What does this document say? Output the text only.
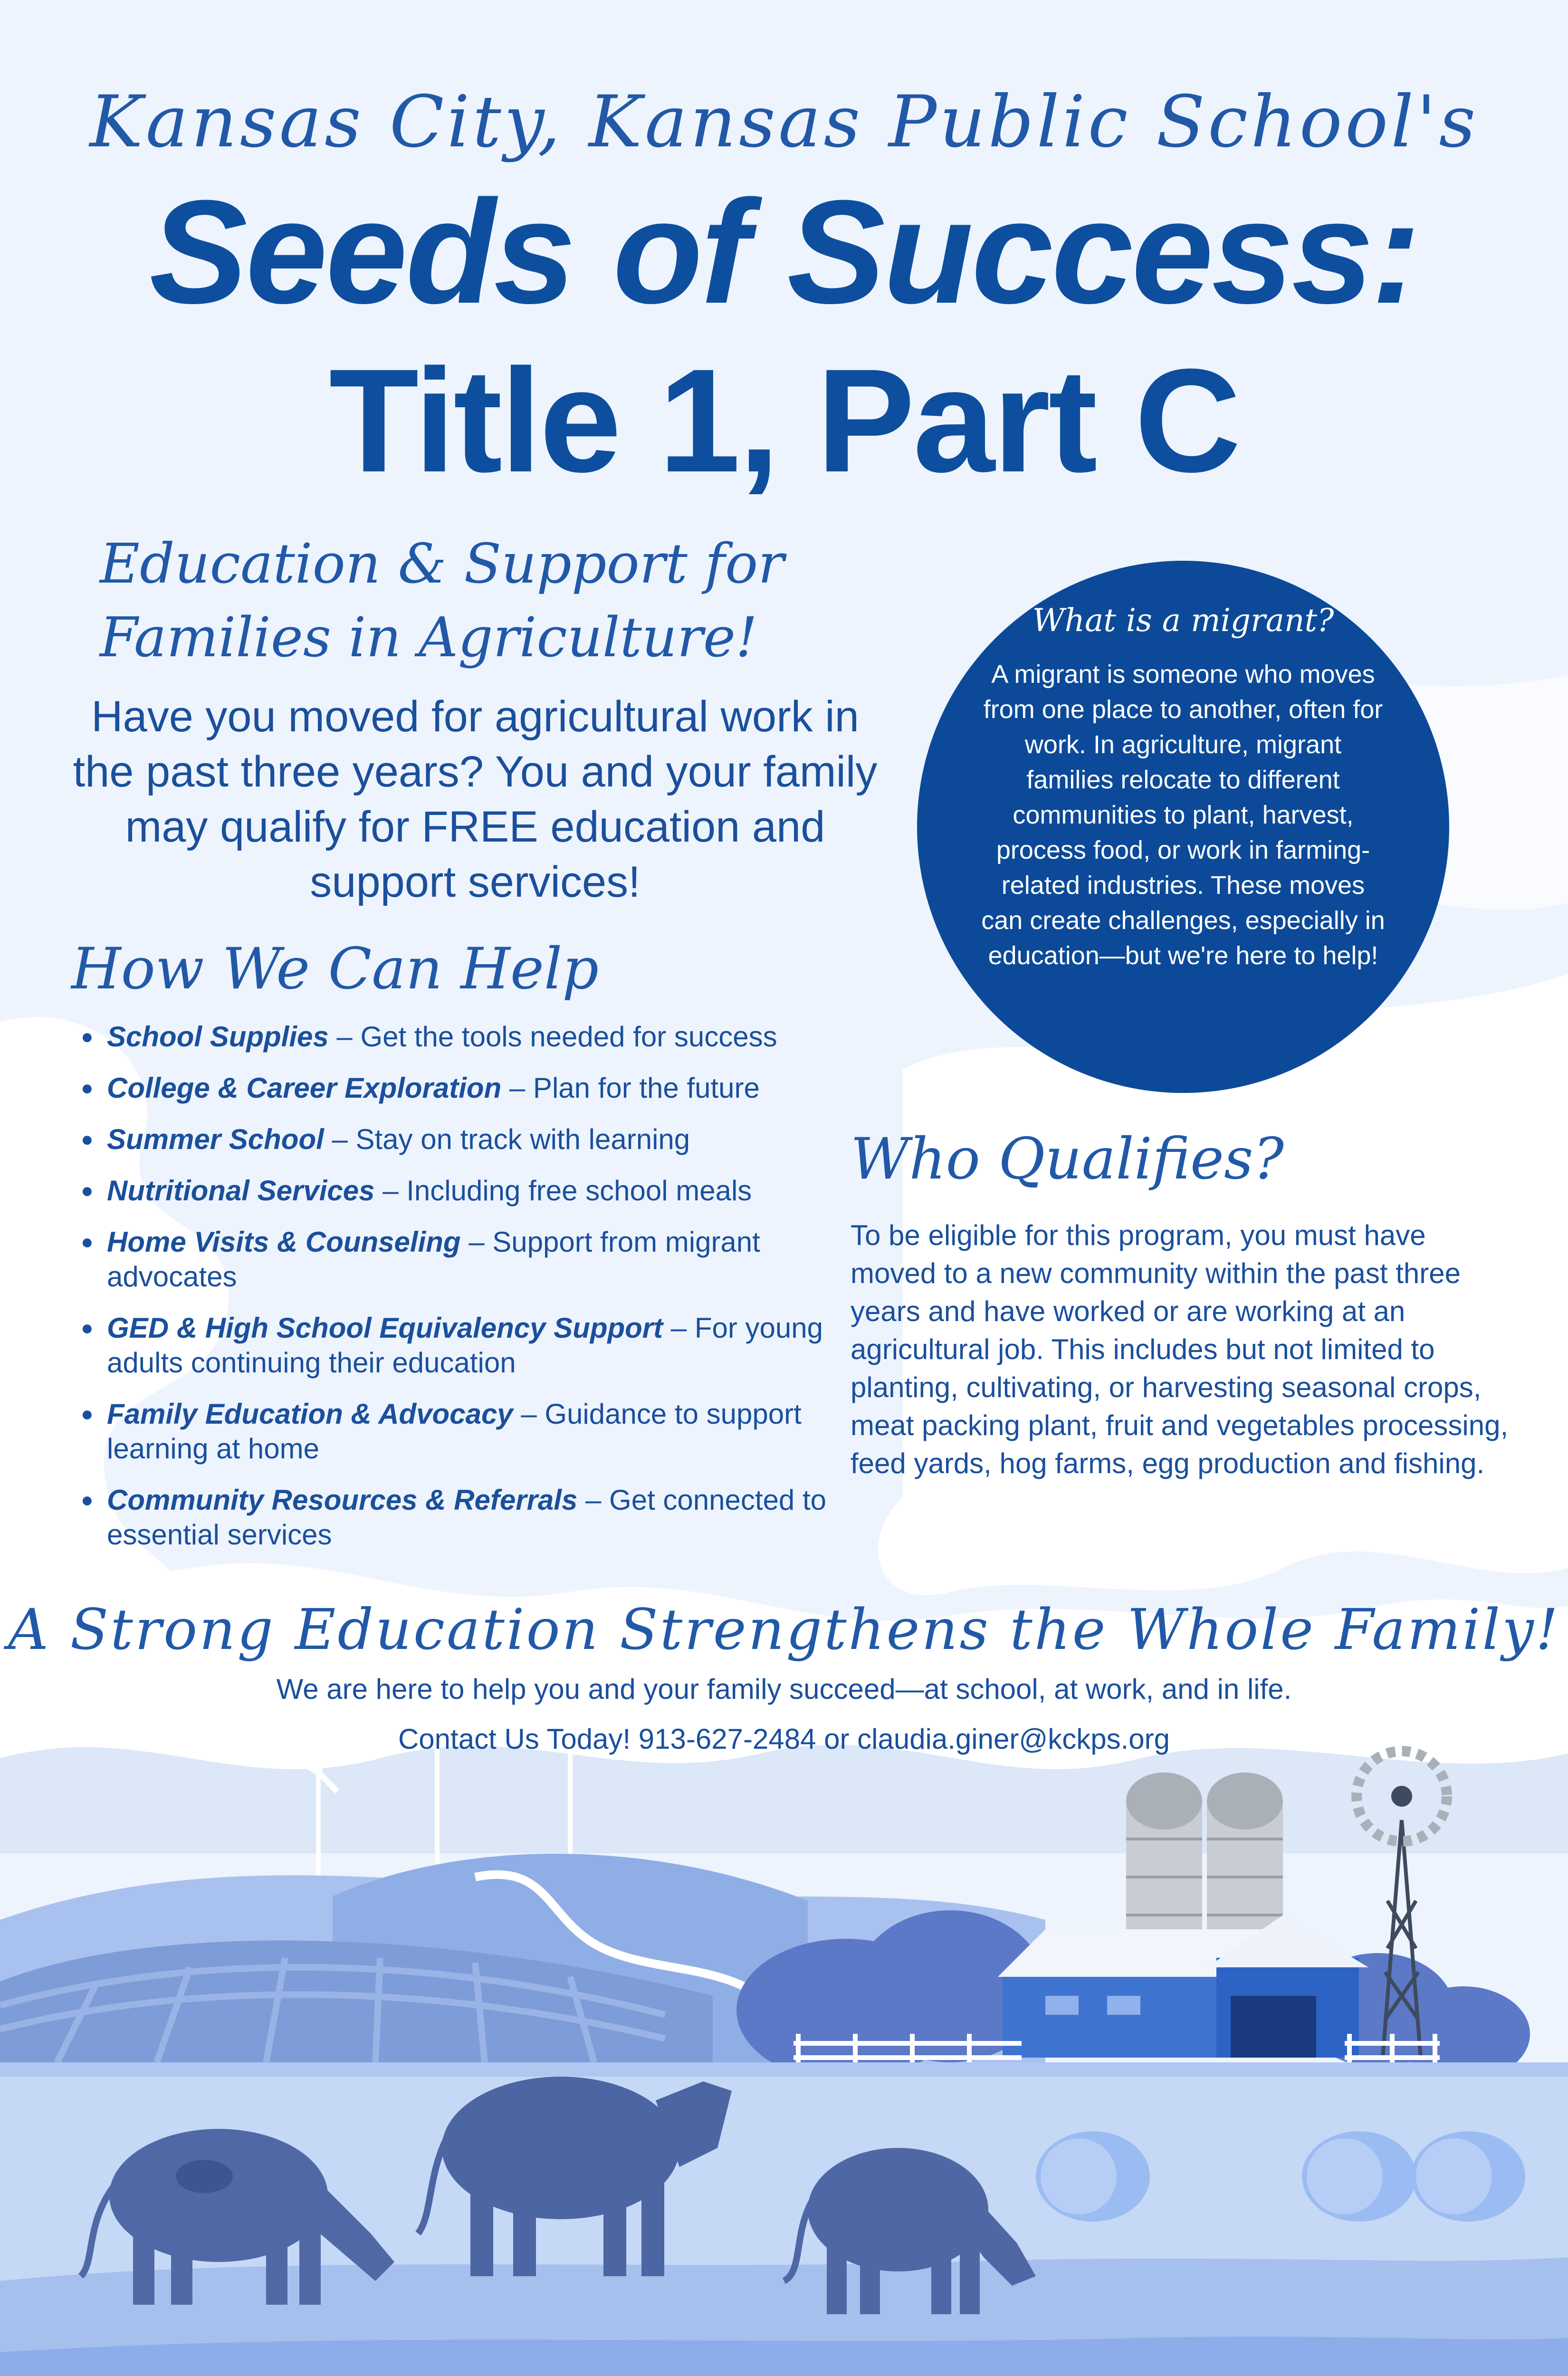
Kansas City, Kansas Public School's
Seeds of Success:
Title 1, Part C
Education & Support for Families in Agriculture!
Have you moved for agricultural work in the past three years? You and your family may qualify for FREE education and support services!
How We Can Help
● School Supplies – Get the tools needed for success
● College & Career Exploration – Plan for the future
● Summer School – Stay on track with learning
● Nutritional Services – Including free school meals
● Home Visits & Counseling – Support from migrant advocates
● GED & High School Equivalency Support – For young adults continuing their education
● Family Education & Advocacy – Guidance to support learning at home
● Community Resources & Referrals – Get connected to essential services
What is a migrant?
A migrant is someone who moves from one place to another, often for work. In agriculture, migrant families relocate to different communities to plant, harvest, process food, or work in farming-related industries. These moves can create challenges, especially in education—but we're here to help!
Who Qualifies?
To be eligible for this program, you must have moved to a new community within the past three years and have worked or are working at an agricultural job. This includes but not limited to planting, cultivating, or harvesting seasonal crops, meat packing plant, fruit and vegetables processing, feed yards, hog farms, egg production and fishing.
A Strong Education Strengthens the Whole Family!
We are here to help you and your family succeed—at school, at work, and in life.
Contact Us Today! 913-627-2484 or claudia.giner@kckps.org
